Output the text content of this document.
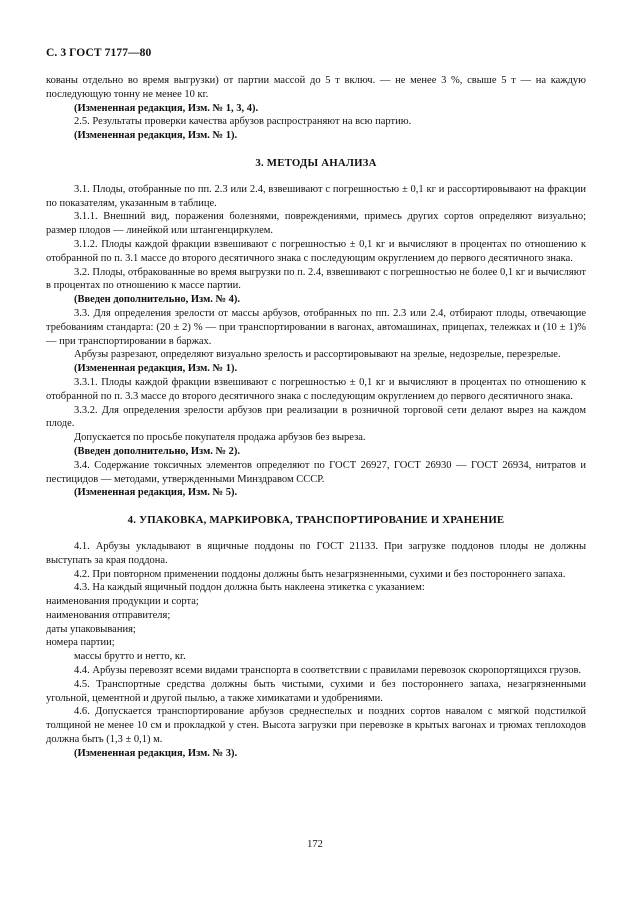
С. 3 ГОСТ 7177—80

кованы отдельно во время выгрузки) от партии массой до 5 т включ. — не менее 3 %, свыше 5 т — на каждую последующую тонну не менее 10 кг.

(Измененная редакция, Изм. № 1, 3, 4).

2.5. Результаты проверки качества арбузов распространяют на всю партию.

(Измененная редакция, Изм. № 1).

3. МЕТОДЫ АНАЛИЗА

3.1. Плоды, отобранные по пп. 2.3 или 2.4, взвешивают с погрешностью ± 0,1 кг и рассортировывают на фракции по показателям, указанным в таблице.

3.1.1. Внешний вид, поражения болезнями, повреждениями, примесь других сортов определяют визуально; размер плодов — линейкой или штангенциркулем.

3.1.2. Плоды каждой фракции взвешивают с погрешностью ± 0,1 кг и вычисляют в процентах по отношению к отобранной по п. 3.1 массе до второго десятичного знака с последующим округлением до первого десятичного знака.

3.2. Плоды, отбракованные во время выгрузки по п. 2.4, взвешивают с погрешностью не более 0,1 кг и вычисляют в процентах по отношению к массе партии.

(Введен дополнительно, Изм. № 4).

3.3. Для определения зрелости от массы арбузов, отобранных по пп. 2.3 или 2.4, отбирают плоды, отвечающие требованиям стандарта: (20 ± 2) % — при транспортировании в вагонах, автомашинах, прицепах, тележках и (10 ± 1)% — при транспортировании в баржах.

Арбузы разрезают, определяют визуально зрелость и рассортировывают на зрелые, недозрелые, перезрелые.

(Измененная редакция, Изм. № 1).

3.3.1. Плоды каждой фракции взвешивают с погрешностью ± 0,1 кг и вычисляют в процентах по отношению к отобранной по п. 3.3 массе до второго десятичного знака с последующим округлением до первого десятичного знака.

3.3.2. Для определения зрелости арбузов при реализации в розничной торговой сети делают вырез на каждом плоде.

Допускается по просьбе покупателя продажа арбузов без выреза.

(Введен дополнительно, Изм. № 2).

3.4. Содержание токсичных элементов определяют по ГОСТ 26927, ГОСТ 26930 — ГОСТ 26934, нитратов и пестицидов — методами, утвержденными Минздравом СССР.

(Измененная редакция, Изм. № 5).

4. УПАКОВКА, МАРКИРОВКА, ТРАНСПОРТИРОВАНИЕ И ХРАНЕНИЕ

4.1. Арбузы укладывают в ящичные поддоны по ГОСТ 21133. При загрузке поддонов плоды не должны выступать за края поддона.

4.2. При повторном применении поддоны должны быть незагрязненными, сухими и без постороннего запаха.

4.3. На каждый ящичный поддон должна быть наклеена этикетка с указанием:

наименования продукции и сорта;

наименования отправителя;

даты упаковывания;

номера партии;

массы брутто и нетто, кг.

4.4. Арбузы перевозят всеми видами транспорта в соответствии с правилами перевозок скоропортящихся грузов.

4.5. Транспортные средства должны быть чистыми, сухими и без постороннего запаха, незагрязненными угольной, цементной и другой пылью, а также химикатами и удобрениями.

4.6. Допускается транспортирование арбузов среднеспелых и поздних сортов навалом с мягкой подстилкой толщиной не менее 10 см и прокладкой у стен. Высота загрузки при перевозке в крытых вагонах и трюмах теплоходов должна быть (1,3 ± 0,1) м.

(Измененная редакция, Изм. № 3).

172
